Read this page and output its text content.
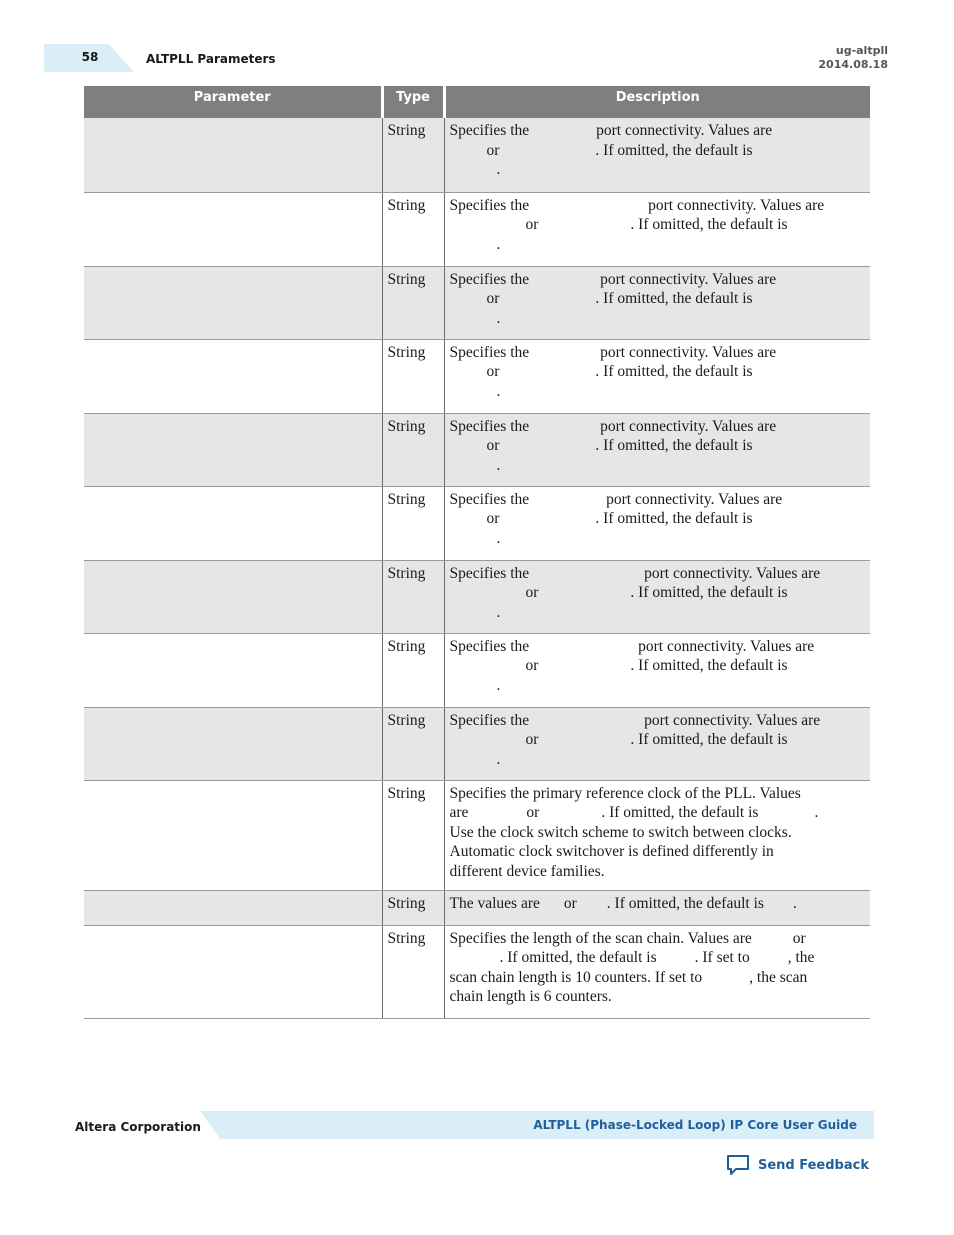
58	ALTPLL Parameters
ug-altpll
2014.08.18
Parameter	Type	Description
	String	Specifies the port connectivity. Values are
or . If omitted, the default is
.

	String	Specifies the port connectivity. Values are
or . If omitted, the default is
.

	String	Specifies the port connectivity. Values are
or . If omitted, the default is
.

	String	Specifies the port connectivity. Values are
or . If omitted, the default is
.

	String	Specifies the port connectivity. Values are
or . If omitted, the default is
.

	String	Specifies the port connectivity. Values are
or . If omitted, the default is
.

	String	Specifies the port connectivity. Values are
or . If omitted, the default is
.

	String	Specifies the port connectivity. Values are
or . If omitted, the default is
.

	String	Specifies the port connectivity. Values are
or . If omitted, the default is
.

	String	Specifies the primary reference clock of the PLL. Values
are or . If omitted, the default is .
Use the clock switch scheme to switch between clocks.
Automatic clock switchover is defined differently in
different device families.

	String	The values are or . If omitted, the default is .

	String	Specifies the length of the scan chain. Values are or
. If omitted, the default is . If set to , the
scan chain length is 10 counters. If set to , the scan
chain length is 6 counters.
Altera Corporation	ALTPLL (Phase-Locked Loop) IP Core User Guide
Send Feedback
